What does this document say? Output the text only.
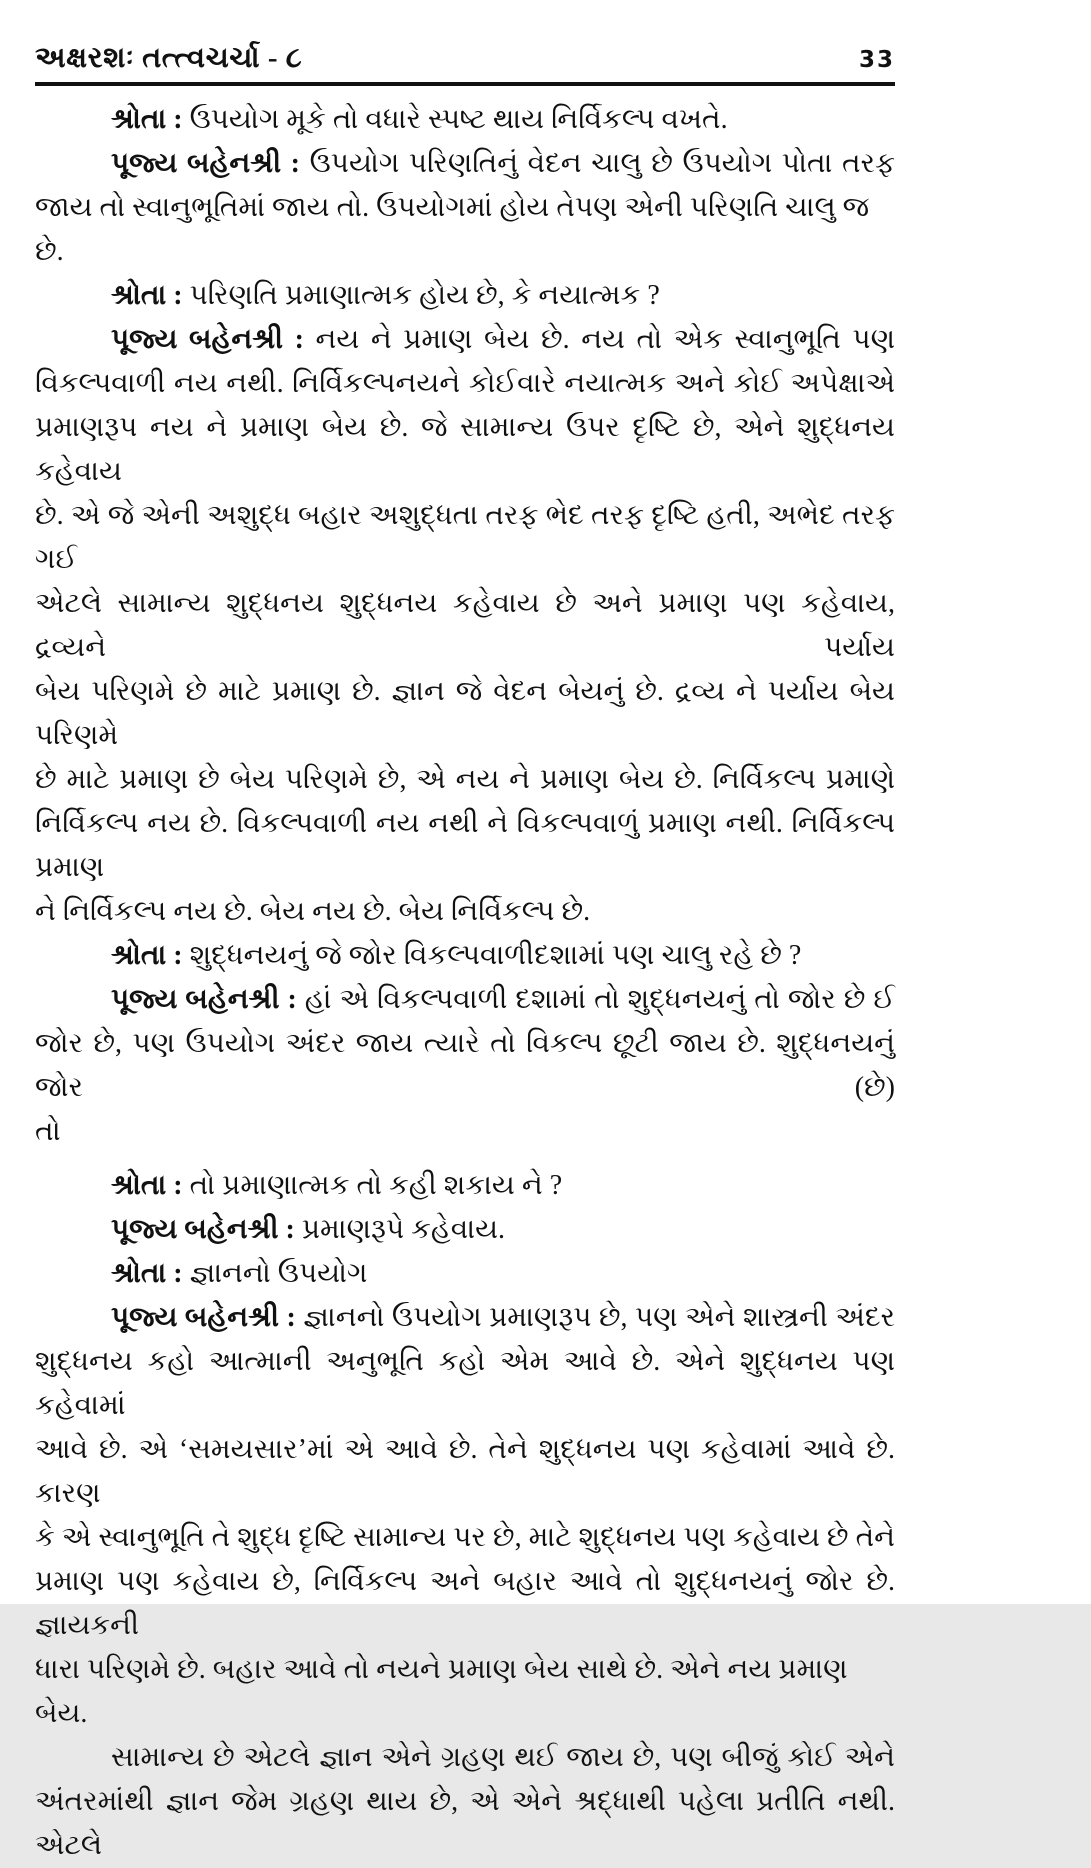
અક્ષરશઃ તત્ત્વચર્ચા - ૮	33
શ્રોતા : ઉપયોગ મૂકે તો વધારે સ્પષ્ટ થાય નિર્વિકલ્પ વખતે.
પૂજ્ય બહેનશ્રી : ઉપયોગ પરિણતિનું વેદન ચાલુ છે ઉપયોગ પોતા તરફ
જાય તો સ્વાનુભૂતિમાં જાય તો. ઉપયોગમાં હોય તેપણ એની પરિણતિ ચાલુ જ છે.
શ્રોતા : પરિણતિ પ્રમાણાત્મક હોય છે, કે નયાત્મક ?
પૂજ્ય બહેનશ્રી : નય ને પ્રમાણ બેય છે. નય તો એક સ્વાનુભૂતિ પણ
વિકલ્પવાળી નય નથી. નિર્વિકલ્પનયને કોઈવારે નયાત્મક અને કોઈ અપેક્ષાએ
પ્રમાણરૂપ નય ને પ્રમાણ બેય છે. જે સામાન્ય ઉપર દૃષ્ટિ છે, એને શુદ્ધનય કહેવાય
છે. એ જે એની અશુદ્ધ બહાર અશુદ્ધતા તરફ ભેદ તરફ દૃષ્ટિ હતી, અભેદ તરફ ગઈ
એટલે સામાન્ય શુદ્ધનય શુદ્ધનય કહેવાય છે અને પ્રમાણ પણ કહેવાય, દ્રવ્યને પર્યાય
બેય પરિણમે છે માટે પ્રમાણ છે. જ્ઞાન જે વેદન બેયનું છે. દ્રવ્ય ને પર્યાય બેય પરિણમે
છે માટે પ્રમાણ છે બેય પરિણમે છે, એ નય ને પ્રમાણ બેય છે. નિર્વિકલ્પ પ્રમાણે
નિર્વિકલ્પ નય છે. વિકલ્પવાળી નય નથી ને વિકલ્પવાળું પ્રમાણ નથી. નિર્વિકલ્પ પ્રમાણ
ને નિર્વિકલ્પ નય છે. બેય નય છે. બેય નિર્વિકલ્પ છે.
શ્રોતા : શુદ્ધનયનું જે જોર વિકલ્પવાળીદશામાં પણ ચાલુ રહે છે ?
પૂજ્ય બહેનશ્રી : હાં એ વિકલ્પવાળી દશામાં તો શુદ્ધનયનું તો જોર છે ઈ
જોર છે, પણ ઉપયોગ અંદર જાય ત્યારે તો વિકલ્પ છૂટી જાય છે. શુદ્ધનયનું જોર (છે)
તો
શ્રોતા : તો પ્રમાણાત્મક તો કહી શકાય ને ?
પૂજ્ય બહેનશ્રી : પ્રમાણરૂપે કહેવાય.
શ્રોતા : જ્ઞાનનો ઉપયોગ
પૂજ્ય બહેનશ્રી : જ્ઞાનનો ઉપયોગ પ્રમાણરૂપ છે, પણ એને શાસ્ત્રની અંદર
શુદ્ધનય કહો આત્માની અનુભૂતિ કહો એમ આવે છે. એને શુદ્ધનય પણ કહેવામાં
આવે છે. એ ‘સમયસાર’માં એ આવે છે. તેને શુદ્ધનય પણ કહેવામાં આવે છે. કારણ
કે એ સ્વાનુભૂતિ તે શુદ્ધ દૃષ્ટિ સામાન્ય પર છે, માટે શુદ્ધનય પણ કહેવાય છે તેને
પ્રમાણ પણ કહેવાય છે, નિર્વિકલ્પ અને બહાર આવે તો શુદ્ધનયનું જોર છે. જ્ઞાયકની
ધારા પરિણમે છે. બહાર આવે તો નયને પ્રમાણ બેય સાથે છે. એને નય પ્રમાણ બેય.
સામાન્ય છે એટલે જ્ઞાન એને ગ્રહણ થઈ જાય છે, પણ બીજું કોઈ એને
અંતરમાંથી જ્ઞાન જેમ ગ્રહણ થાય છે, એ એને શ્રદ્ધાથી પહેલા પ્રતીતિ નથી. એટલે
